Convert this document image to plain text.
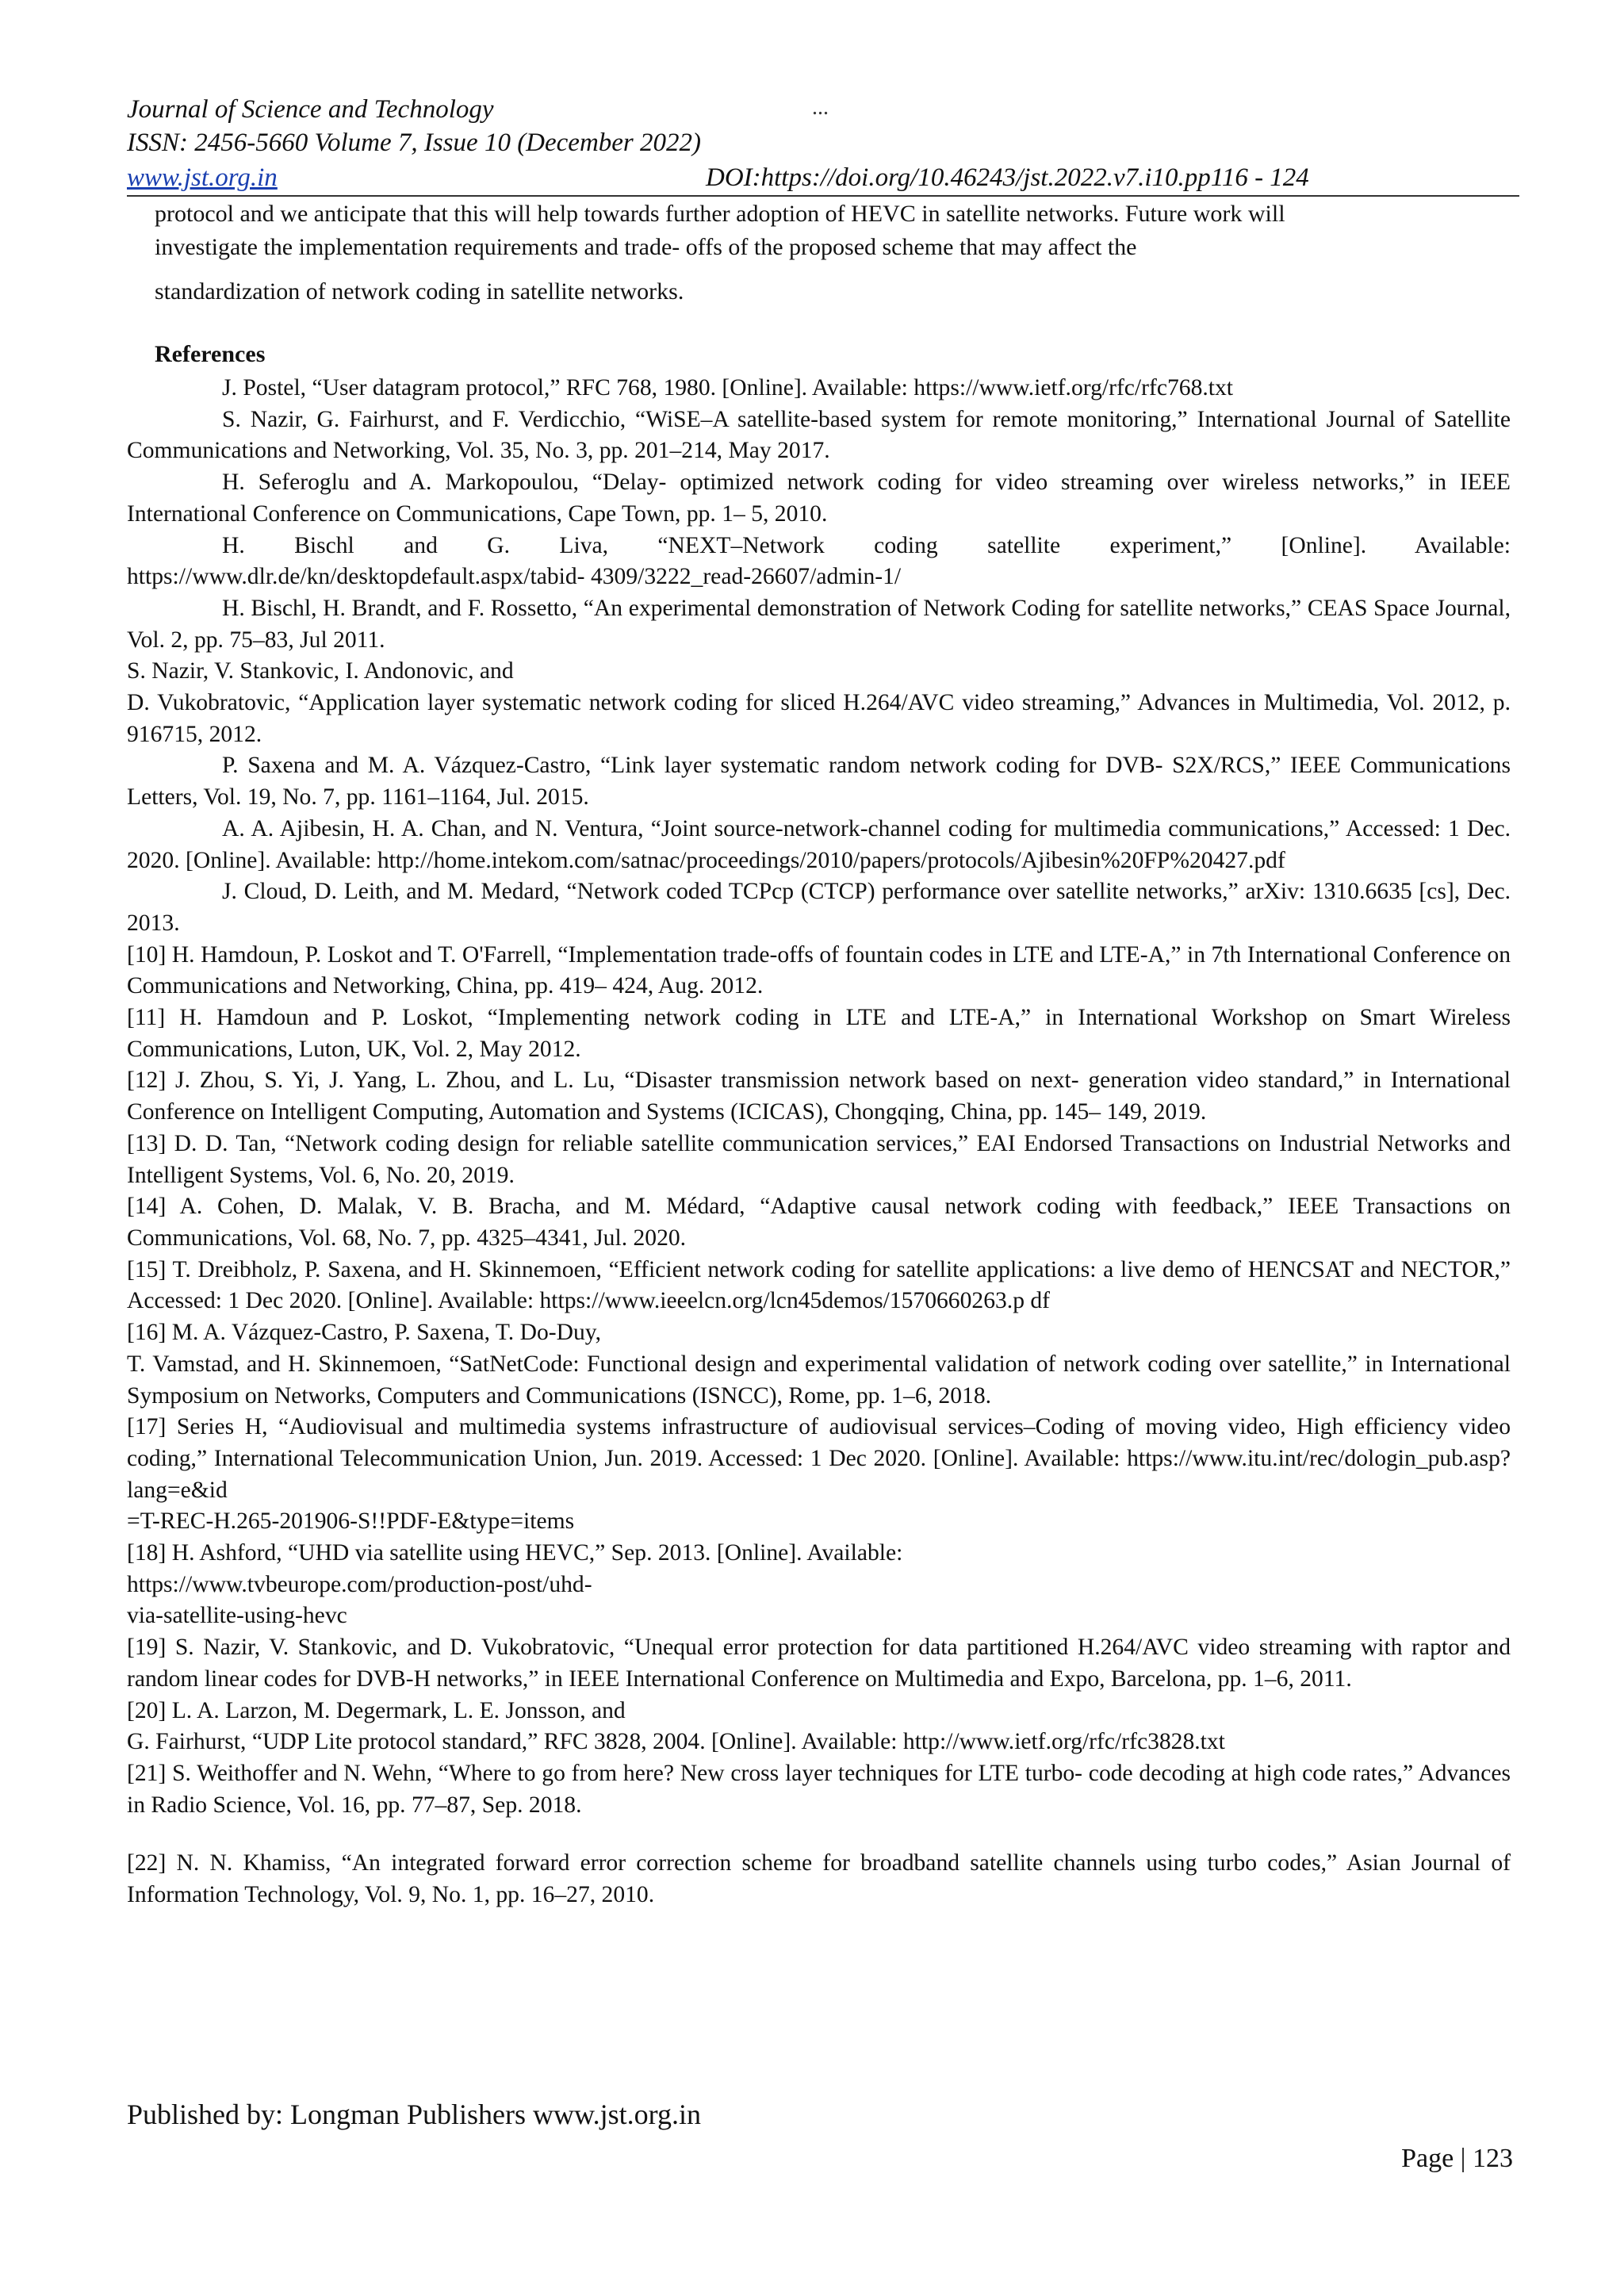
Journal of Science and Technology	...
ISSN: 2456-5660 Volume 7, Issue 10 (December 2022)
www.jst.org.in	DOI:https://doi.org/10.46243/jst.2022.v7.i10.pp116 - 124
protocol and we anticipate that this will help towards further adoption of HEVC in satellite networks. Future work will
investigate the implementation requirements and trade- offs of the proposed scheme that may affect the
standardization of network coding in satellite networks.
References

J. Postel, “User datagram protocol,” RFC 768, 1980. [Online]. Available: https://www.ietf.org/rfc/rfc768.txt

S. Nazir, G. Fairhurst, and F. Verdicchio, “WiSE–A satellite-based system for remote monitoring,” International Journal of Satellite Communications and Networking, Vol. 35, No. 3, pp. 201–214, May 2017.

H. Seferoglu and A. Markopoulou, “Delay- optimized network coding for video streaming over wireless networks,” in IEEE International Conference on Communications, Cape Town, pp. 1– 5, 2010.

H. Bischl and G. Liva, “NEXT–Network coding satellite experiment,” [Online]. Available: https://www.dlr.de/kn/desktopdefault.aspx/tabid- 4309/3222_read-26607/admin-1/

H. Bischl, H. Brandt, and F. Rossetto, “An experimental demonstration of Network Coding for satellite networks,” CEAS Space Journal, Vol. 2, pp. 75–83, Jul 2011.

S. Nazir, V. Stankovic, I. Andonovic, and

D. Vukobratovic, “Application layer systematic network coding for sliced H.264/AVC video streaming,” Advances in Multimedia, Vol. 2012, p. 916715, 2012.

P. Saxena and M. A. Vázquez-Castro, “Link layer systematic random network coding for DVB- S2X/RCS,” IEEE Communications Letters, Vol. 19, No. 7, pp. 1161–1164, Jul. 2015.

A. A. Ajibesin, H. A. Chan, and N. Ventura, “Joint source-network-channel coding for multimedia communications,” Accessed: 1 Dec. 2020. [Online]. Available: http://home.intekom.com/satnac/proceedings/2010/papers/protocols/Ajibesin%20FP%20427.pdf

J. Cloud, D. Leith, and M. Medard, “Network coded TCPcp (CTCP) performance over satellite networks,” arXiv: 1310.6635 [cs], Dec. 2013.

[10] H. Hamdoun, P. Loskot and T. O'Farrell, “Implementation trade-offs of fountain codes in LTE and LTE-A,” in 7th International Conference on Communications and Networking, China, pp. 419– 424, Aug. 2012.

[11] H. Hamdoun and P. Loskot, “Implementing network coding in LTE and LTE-A,” in International Workshop on Smart Wireless Communications, Luton, UK, Vol. 2, May 2012.

[12] J. Zhou, S. Yi, J. Yang, L. Zhou, and L. Lu, “Disaster transmission network based on next- generation video standard,” in International Conference on Intelligent Computing, Automation and Systems (ICICAS), Chongqing, China, pp. 145– 149, 2019.

[13] D. D. Tan, “Network coding design for reliable satellite communication services,” EAI Endorsed Transactions on Industrial Networks and Intelligent Systems, Vol. 6, No. 20, 2019.

[14] A. Cohen, D. Malak, V. B. Bracha, and M. Médard, “Adaptive causal network coding with feedback,” IEEE Transactions on Communications, Vol. 68, No. 7, pp. 4325–4341, Jul. 2020.

[15] T. Dreibholz, P. Saxena, and H. Skinnemoen, “Efficient network coding for satellite applications: a live demo of HENCSAT and NECTOR,” Accessed: 1 Dec 2020. [Online]. Available: https://www.ieeelcn.org/lcn45demos/1570660263.p df

[16] M. A. Vázquez-Castro, P. Saxena, T. Do-Duy,

T. Vamstad, and H. Skinnemoen, “SatNetCode: Functional design and experimental validation of network coding over satellite,” in International Symposium on Networks, Computers and Communications (ISNCC), Rome, pp. 1–6, 2018.

[17] Series H, “Audiovisual and multimedia systems infrastructure of audiovisual services–Coding of moving video, High efficiency video coding,” International Telecommunication Union, Jun. 2019. Accessed: 1 Dec 2020. [Online]. Available: https://www.itu.int/rec/dologin_pub.asp?lang=e&id

=T-REC-H.265-201906-S!!PDF-E&type=items

[18] H. Ashford, “UHD via satellite using HEVC,” Sep. 2013. [Online]. Available:

https://www.tvbeurope.com/production-post/uhd-

via-satellite-using-hevc

[19] S. Nazir, V. Stankovic, and D. Vukobratovic, “Unequal error protection for data partitioned H.264/AVC video streaming with raptor and random linear codes for DVB-H networks,” in IEEE International Conference on Multimedia and Expo, Barcelona, pp. 1–6, 2011.

[20] L. A. Larzon, M. Degermark, L. E. Jonsson, and

G. Fairhurst, “UDP Lite protocol standard,” RFC 3828, 2004. [Online]. Available: http://www.ietf.org/rfc/rfc3828.txt

[21] S. Weithoffer and N. Wehn, “Where to go from here? New cross layer techniques for LTE turbo- code decoding at high code rates,” Advances in Radio Science, Vol. 16, pp. 77–87, Sep. 2018.

[22] N. N. Khamiss, “An integrated forward error correction scheme for broadband satellite channels using turbo codes,” Asian Journal of Information Technology, Vol. 9, No. 1, pp. 16–27, 2010.

Published by: Longman Publishers www.jst.org.in
Page | 123
